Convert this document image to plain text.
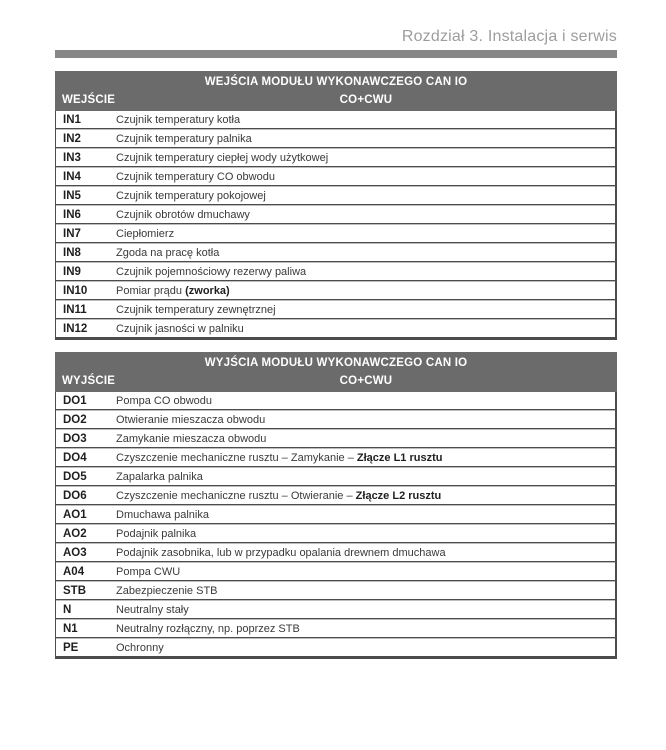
Rozdział 3. Instalacja i serwis
WEJŚCIA MODUŁU WYKONAWCZEGO CAN IO
WEJŚCIE	CO+CWU
IN1	Czujnik temperatury kotła
IN2	Czujnik temperatury palnika
IN3	Czujnik temperatury ciepłej wody użytkowej
IN4	Czujnik temperatury CO obwodu
IN5	Czujnik temperatury pokojowej
IN6	Czujnik obrotów dmuchawy
IN7	Ciepłomierz
IN8	Zgoda na pracę kotła
IN9	Czujnik pojemnościowy rezerwy paliwa
IN10	Pomiar prądu (zworka)
IN11	Czujnik temperatury zewnętrznej
IN12	Czujnik jasności w palniku
WYJŚCIA MODUŁU WYKONAWCZEGO CAN IO
WYJŚCIE	CO+CWU
DO1	Pompa CO obwodu
DO2	Otwieranie mieszacza obwodu
DO3	Zamykanie mieszacza obwodu
DO4	Czyszczenie mechaniczne rusztu – Zamykanie – Złącze L1 rusztu
DO5	Zapalarka palnika
DO6	Czyszczenie mechaniczne rusztu – Otwieranie – Złącze L2 rusztu
AO1	Dmuchawa palnika
AO2	Podajnik palnika
AO3	Podajnik zasobnika, lub w przypadku opalania drewnem dmuchawa
A04	Pompa CWU
STB	Zabezpieczenie STB
N	Neutralny stały
N1	Neutralny rozłączny, np. poprzez STB
PE	Ochronny
